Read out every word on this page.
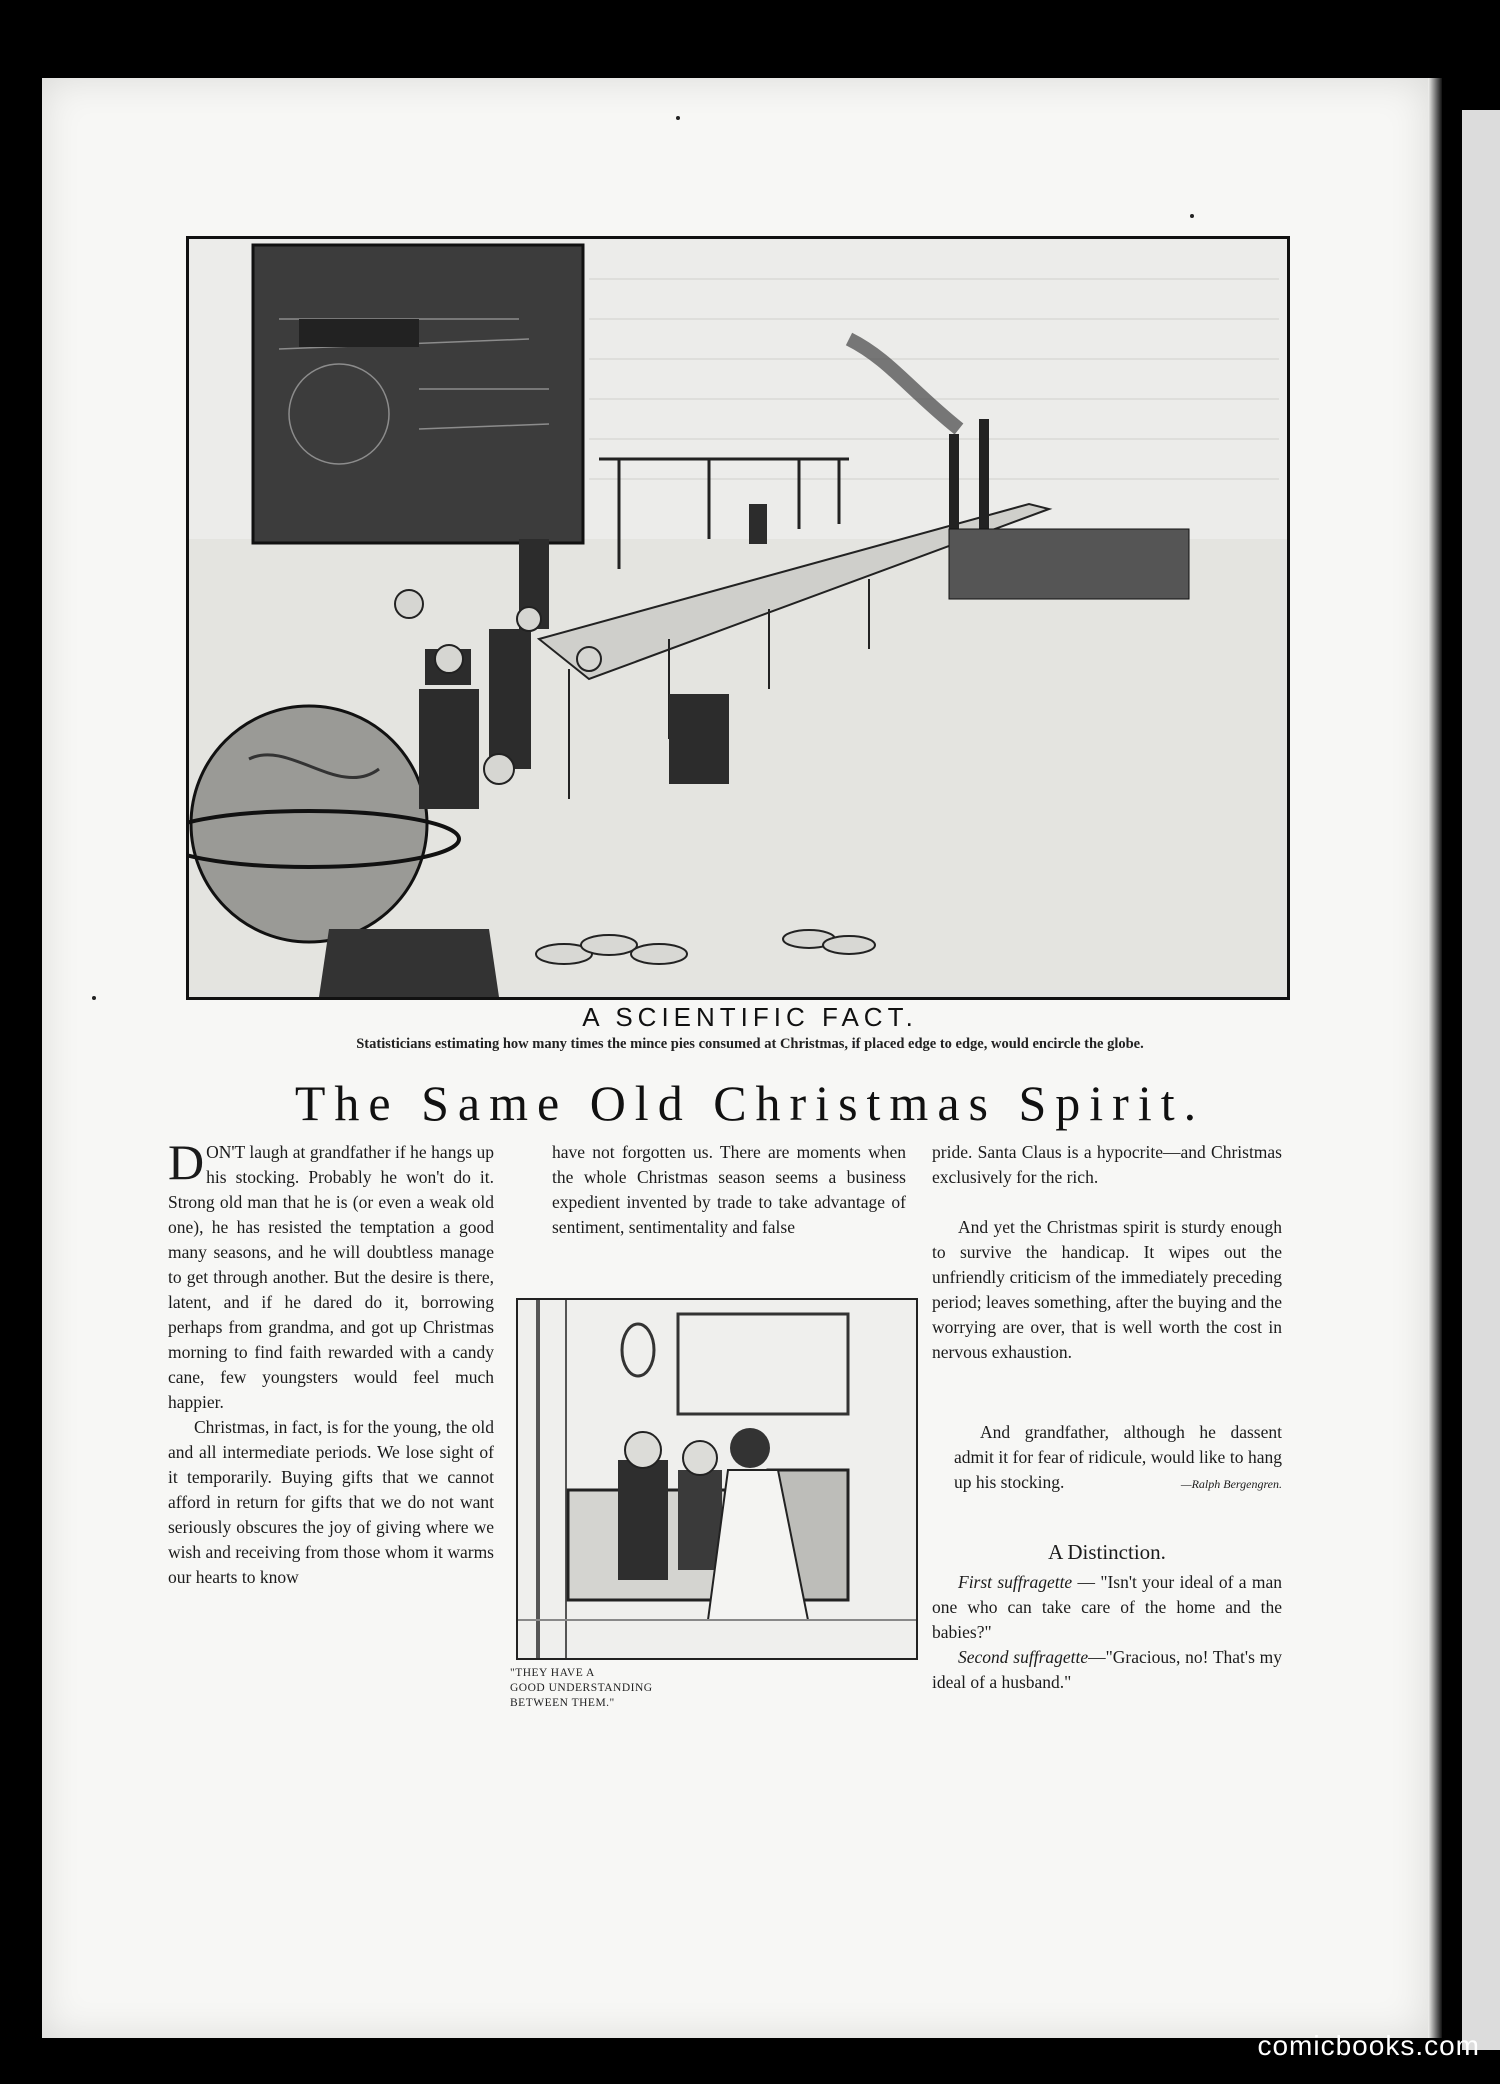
A SCIENTIFIC FACT.
Statisticians estimating how many times the mince pies consumed at Christmas, if placed edge to edge, would encircle the globe.
The Same Old Christmas Spirit.

DON'T laugh at grandfather if he hangs up his stocking. Probably he won't do it. Strong old man that he is (or even a weak old one), he has resisted the temptation a good many seasons, and he will doubtless manage to get through another. But the desire is there, latent, and if he dared do it, borrowing perhaps from grandma, and got up Christmas morning to find faith rewarded with a candy cane, few youngsters would feel much happier.

Christmas, in fact, is for the young, the old and all intermediate periods. We lose sight of it temporarily. Buying gifts that we cannot afford in return for gifts that we do not want seriously obscures the joy of giving where we wish and receiving from those whom it warms our hearts to know

have not forgotten us. There are moments when the whole Christmas season seems a business expedient invented by trade to take advantage of sentiment, sentimentality and false

"THEY HAVE A
GOOD UNDERSTANDING
BETWEEN THEM."

pride. Santa Claus is a hypocrite—and Christmas exclusively for the rich.

And yet the Christmas spirit is sturdy enough to survive the handicap. It wipes out the unfriendly criticism of the immediately preceding period; leaves something, after the buying and the worrying are over, that is well worth the cost in nervous exhaustion.

And grandfather, although he dassent admit it for fear of ridicule, would like to hang up his stocking.	—Ralph Bergengren.

A Distinction.

First suffragette — "Isn't your ideal of a man one who can take care of the home and the babies?"

Second suffragette—"Gracious, no! That's my ideal of a husband."

comicbooks.com
